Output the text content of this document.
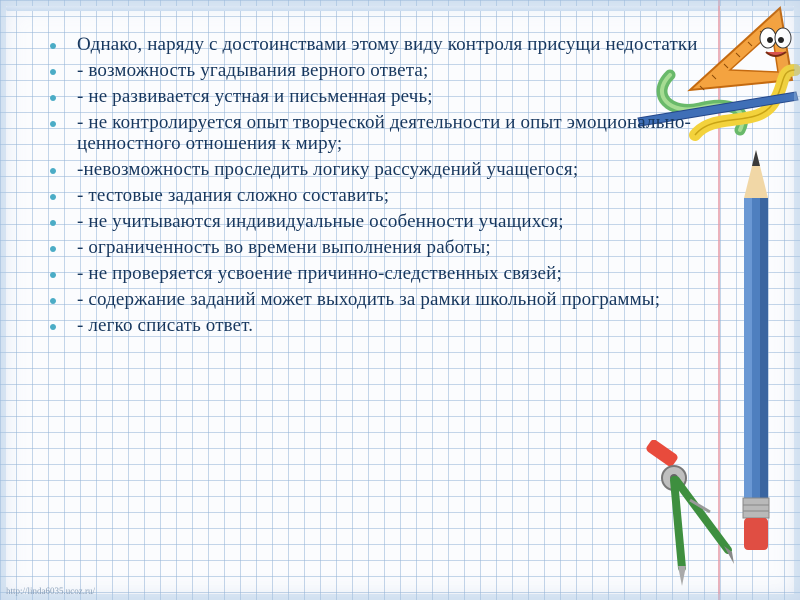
Однако, наряду с достоинствами этому виду контроля присущи недостатки
- возможность угадывания верного ответа;
- не развивается устная и письменная речь;
- не контролируется опыт творческой деятельности и опыт эмоционально-ценностного отношения к миру;
-невозможность проследить логику рассуждений учащегося;
- тестовые задания сложно составить;
- не учитываются индивидуальные особенности учащихся;
- ограниченность во времени выполнения работы;
- не проверяется усвоение причинно-следственных связей;
- содержание заданий может выходить за рамки школьной программы;
- легко списать ответ.
http://linda6035.ucoz.ru/
